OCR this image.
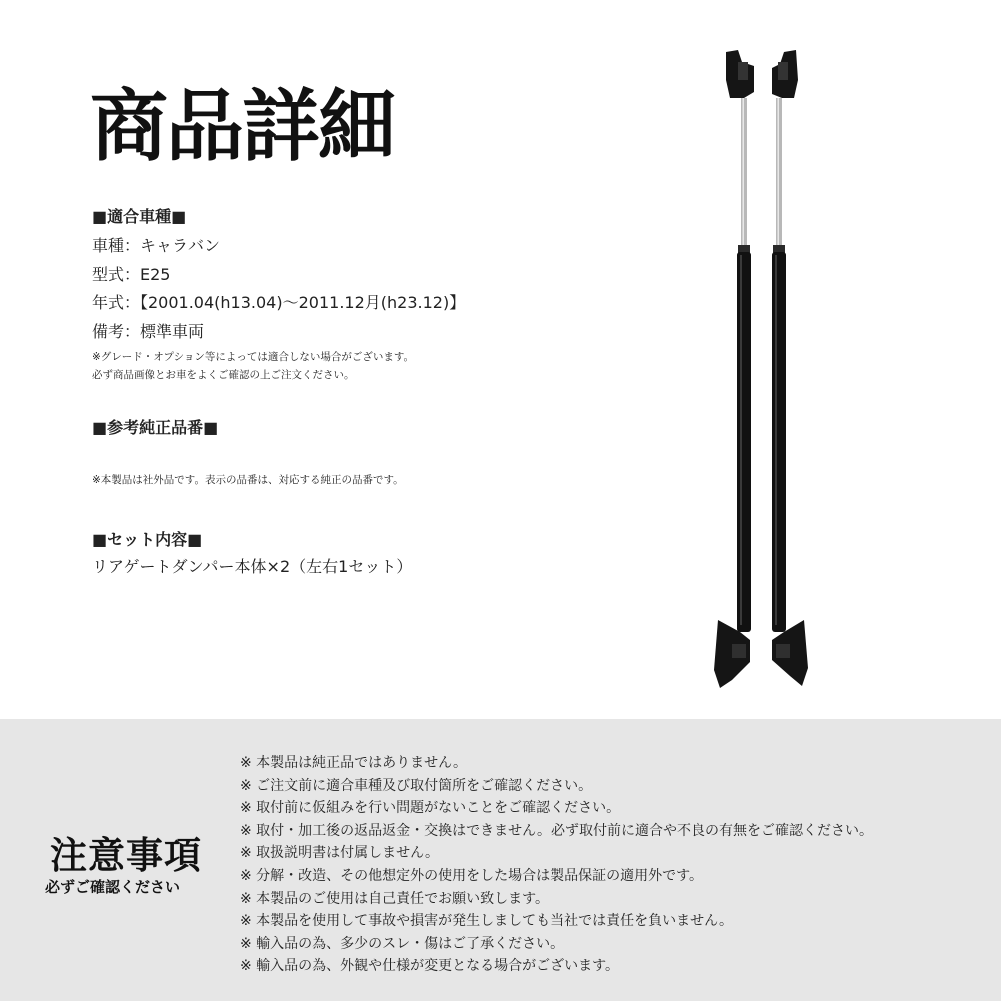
商品詳細
■適合車種■
車種：キャラバン
型式：E25
年式：【2001.04(h13.04)〜2011.12月(h23.12)】
備考：標準車両
※グレード・オプション等によっては適合しない場合がございます。
必ず商品画像とお車をよくご確認の上ご注文ください。
■参考純正品番■
※本製品は社外品です。表示の品番は、対応する純正の品番です。
■セット内容■
リアゲートダンパー本体×2（左右1セット）
注意事項
必ずご確認ください
※ 本製品は純正品ではありません。
※ ご注文前に適合車種及び取付箇所をご確認ください。
※ 取付前に仮組みを行い問題がないことをご確認ください。
※ 取付・加工後の返品返金・交換はできません。必ず取付前に適合や不良の有無をご確認ください。
※ 取扱説明書は付属しません。
※ 分解・改造、その他想定外の使用をした場合は製品保証の適用外です。
※ 本製品のご使用は自己責任でお願い致します。
※ 本製品を使用して事故や損害が発生しましても当社では責任を負いません。
※ 輸入品の為、多少のスレ・傷はご了承ください。
※ 輸入品の為、外観や仕様が変更となる場合がございます。
